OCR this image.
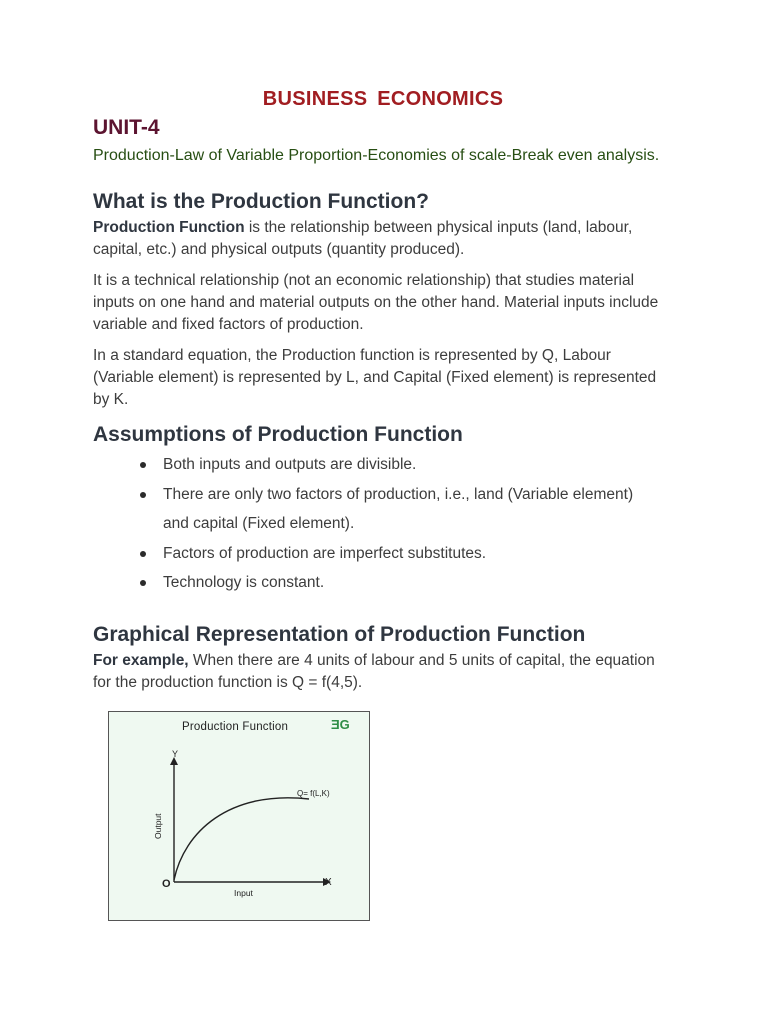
BUSINESS ECONOMICS
UNIT-4
Production-Law of Variable Proportion-Economies of scale-Break even analysis.
What is the Production Function?

Production Function is the relationship between physical inputs (land, labour, capital, etc.) and physical outputs (quantity produced).

It is a technical relationship (not an economic relationship) that studies material inputs on one hand and material outputs on the other hand. Material inputs include variable and fixed factors of production.

In a standard equation, the Production function is represented by Q, Labour (Variable element) is represented by L, and Capital (Fixed element) is represented by K.

Assumptions of Production Function
Both inputs and outputs are divisible.
There are only two factors of production, i.e., land (Variable element) and capital (Fixed element).
Factors of production are imperfect substitutes.
Technology is constant.
Graphical Representation of Production Function

For example, When there are 4 units of labour and 5 units of capital, the equation for the production function is Q = f(4,5).

Production Function	ƎG
Y
X
O
Output
Input
Q= f(L,K)
